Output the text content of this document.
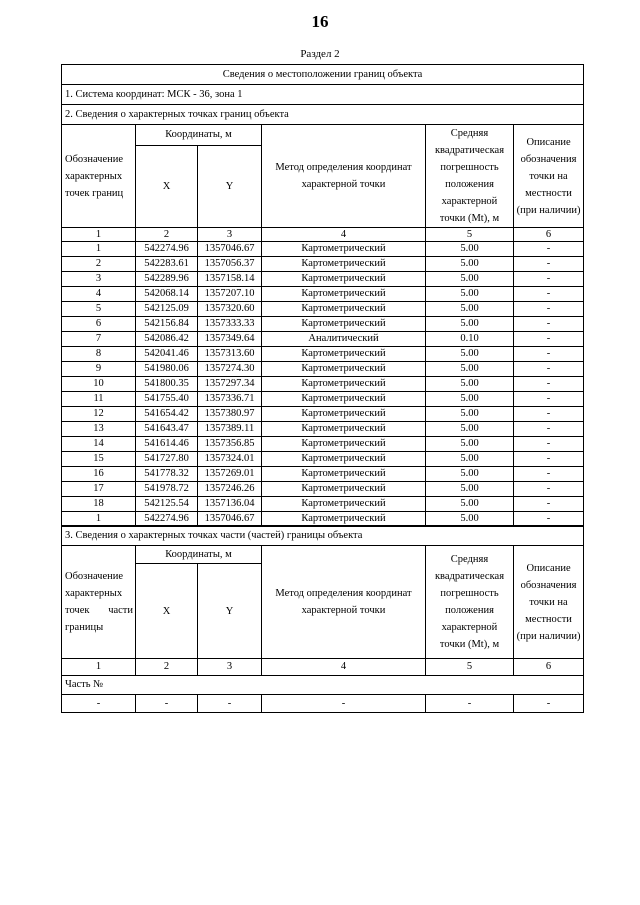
16
Раздел 2
Сведения о местоположении границ объекта					
1. Система координат: МСК - 36, зона 1					
2. Сведения о характерных точках границ объекта					
Обозначение характерных точек границ	Координаты, м		Метод определения координат характерной точки	Средняя квадратическая погрешность положения характерной точки (Mt), м	Описание обозначения точки на местности (при наличии)
	X	Y			
1	2	3	4	5	6
1	542274.96	1357046.67	Картометрический	5.00	-
2	542283.61	1357056.37	Картометрический	5.00	-
3	542289.96	1357158.14	Картометрический	5.00	-
4	542068.14	1357207.10	Картометрический	5.00	-
5	542125.09	1357320.60	Картометрический	5.00	-
6	542156.84	1357333.33	Картометрический	5.00	-
7	542086.42	1357349.64	Аналитический	0.10	-
8	542041.46	1357313.60	Картометрический	5.00	-
9	541980.06	1357274.30	Картометрический	5.00	-
10	541800.35	1357297.34	Картометрический	5.00	-
11	541755.40	1357336.71	Картометрический	5.00	-
12	541654.42	1357380.97	Картометрический	5.00	-
13	541643.47	1357389.11	Картометрический	5.00	-
14	541614.46	1357356.85	Картометрический	5.00	-
15	541727.80	1357324.01	Картометрический	5.00	-
16	541778.32	1357269.01	Картометрический	5.00	-
17	541978.72	1357246.26	Картометрический	5.00	-
18	542125.54	1357136.04	Картометрический	5.00	-
1	542274.96	1357046.67	Картометрический	5.00	-
3. Сведения о характерных точках части (частей) границы объекта					

Обозначение
характерных
точек части
границы	Координаты, м		Метод определения координат характерной точки	Средняя квадратическая погрешность положения характерной точки (Mt), м	Описание обозначения точки на местности (при наличии)
	X	Y			
1	2	3	4	5	6
Часть №					
-	-	-	-	-	-
